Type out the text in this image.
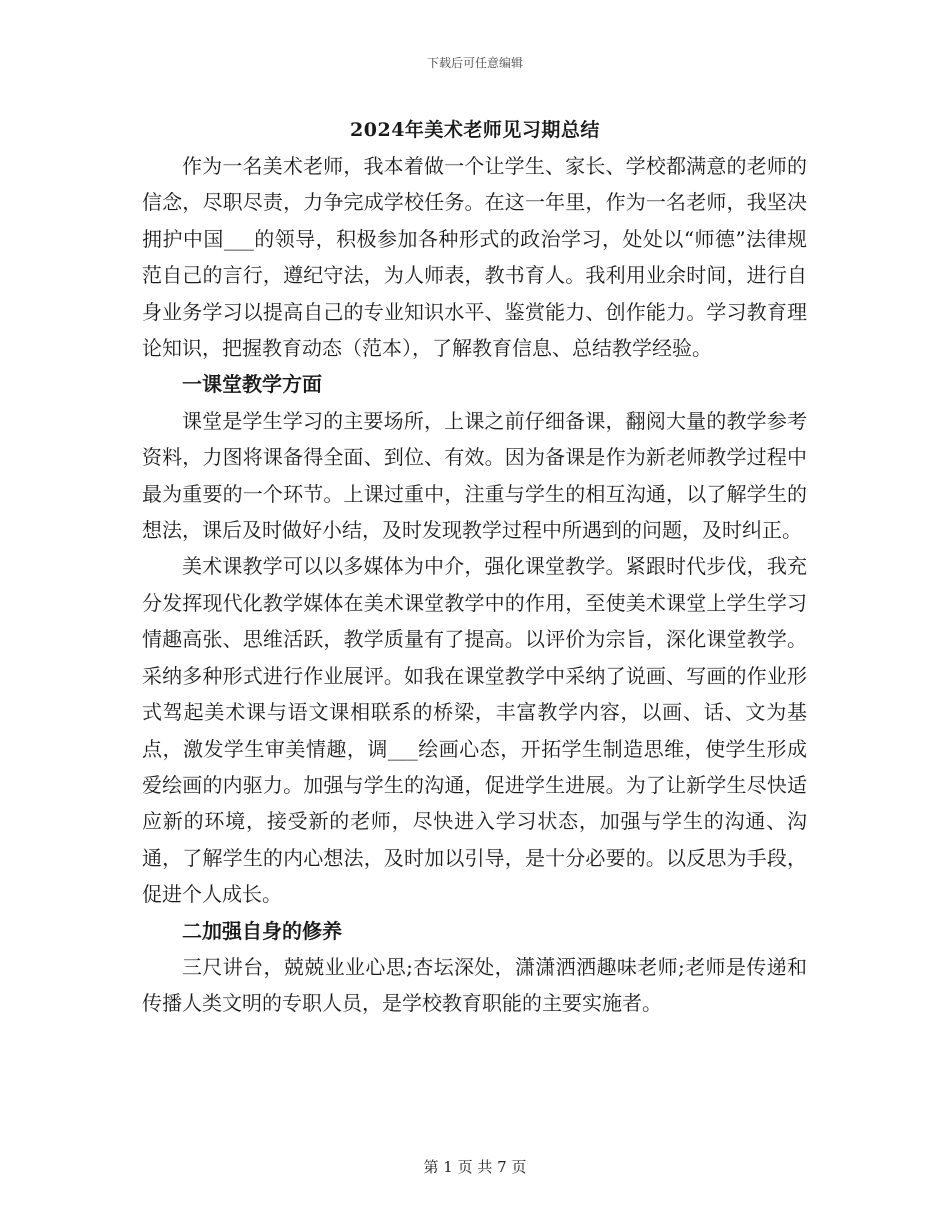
下载后可任意编辑
2024年美术老师见习期总结

作为一名美术老师，我本着做一个让学生、家长、学校都满意的老师的信念，尽职尽责，力争完成学校任务。在这一年里，作为一名老师，我坚决拥护中国___的领导，积极参加各种形式的政治学习，处处以“师德”法律规范自己的言行，遵纪守法，为人师表，教书育人。我利用业余时间，进行自身业务学习以提高自己的专业知识水平、鉴赏能力、创作能力。学习教育理论知识，把握教育动态（范本），了解教育信息、总结教学经验。

一课堂教学方面

课堂是学生学习的主要场所，上课之前仔细备课，翻阅大量的教学参考资料，力图将课备得全面、到位、有效。因为备课是作为新老师教学过程中最为重要的一个环节。上课过重中，注重与学生的相互沟通，以了解学生的想法，课后及时做好小结，及时发现教学过程中所遇到的问题，及时纠正。

美术课教学可以以多媒体为中介，强化课堂教学。紧跟时代步伐，我充分发挥现代化教学媒体在美术课堂教学中的作用，至使美术课堂上学生学习情趣高张、思维活跃，教学质量有了提高。以评价为宗旨，深化课堂教学。采纳多种形式进行作业展评。如我在课堂教学中采纳了说画、写画的作业形式驾起美术课与语文课相联系的桥梁，丰富教学内容，以画、话、文为基点，激发学生审美情趣，调___绘画心态，开拓学生制造思维，使学生形成爱绘画的内驱力。加强与学生的沟通，促进学生进展。为了让新学生尽快适应新的环境，接受新的老师，尽快进入学习状态，加强与学生的沟通、沟通，了解学生的内心想法，及时加以引导，是十分必要的。以反思为手段，促进个人成长。

二加强自身的修养

三尺讲台，兢兢业业心思;杏坛深处，潇潇洒洒趣味老师;老师是传递和传播人类文明的专职人员，是学校教育职能的主要实施者。

第 1 页 共 7 页
